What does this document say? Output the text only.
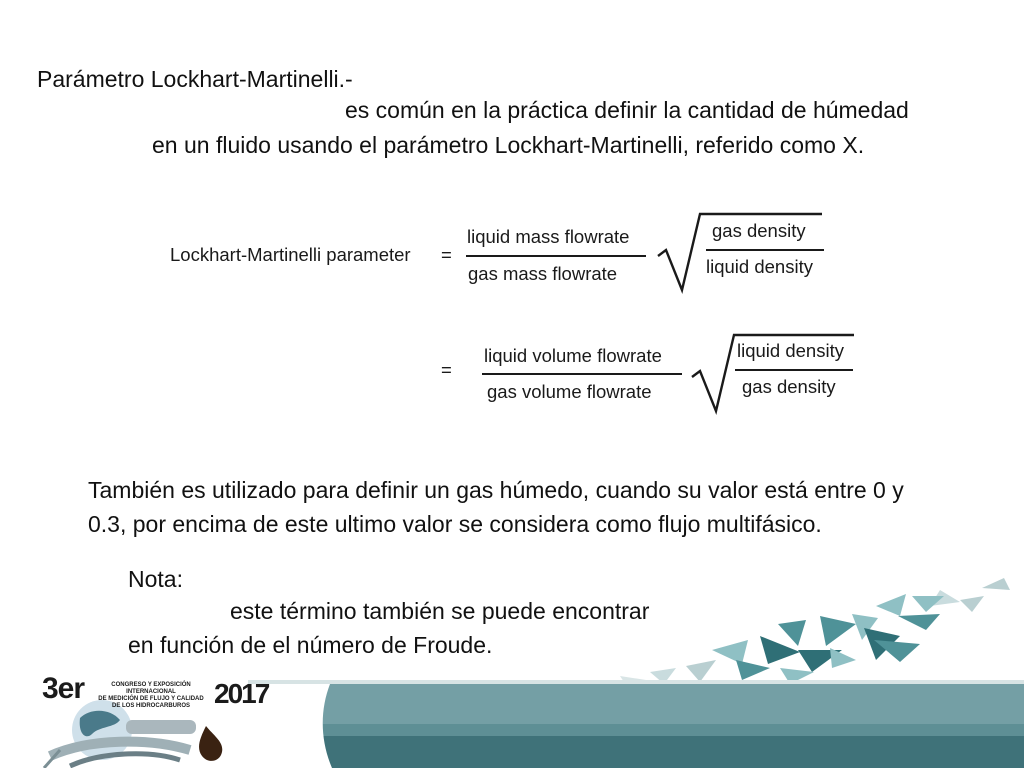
Parámetro Lockhart-Martinelli.-
es común en la práctica definir la cantidad de húmedad
en un fluido usando el parámetro Lockhart-Martinelli, referido como X.
Lockhart-Martinelli parameter =
liquid mass flowrate
gas mass flowrate
gas density
liquid density
=
liquid volume flowrate
gas volume flowrate
liquid density
gas density
También es utilizado para definir un gas húmedo, cuando su valor está entre 0 y
0.3, por encima de este ultimo valor se considera como flujo multifásico.
Nota:
este término también se puede encontrar
en función de el número de Froude.
3er	CONGRESO Y EXPOSICIÓN INTERNACIONAL
DE MEDICIÓN DE FLUJO Y CALIDAD
DE LOS HIDROCARBUROS 2017
